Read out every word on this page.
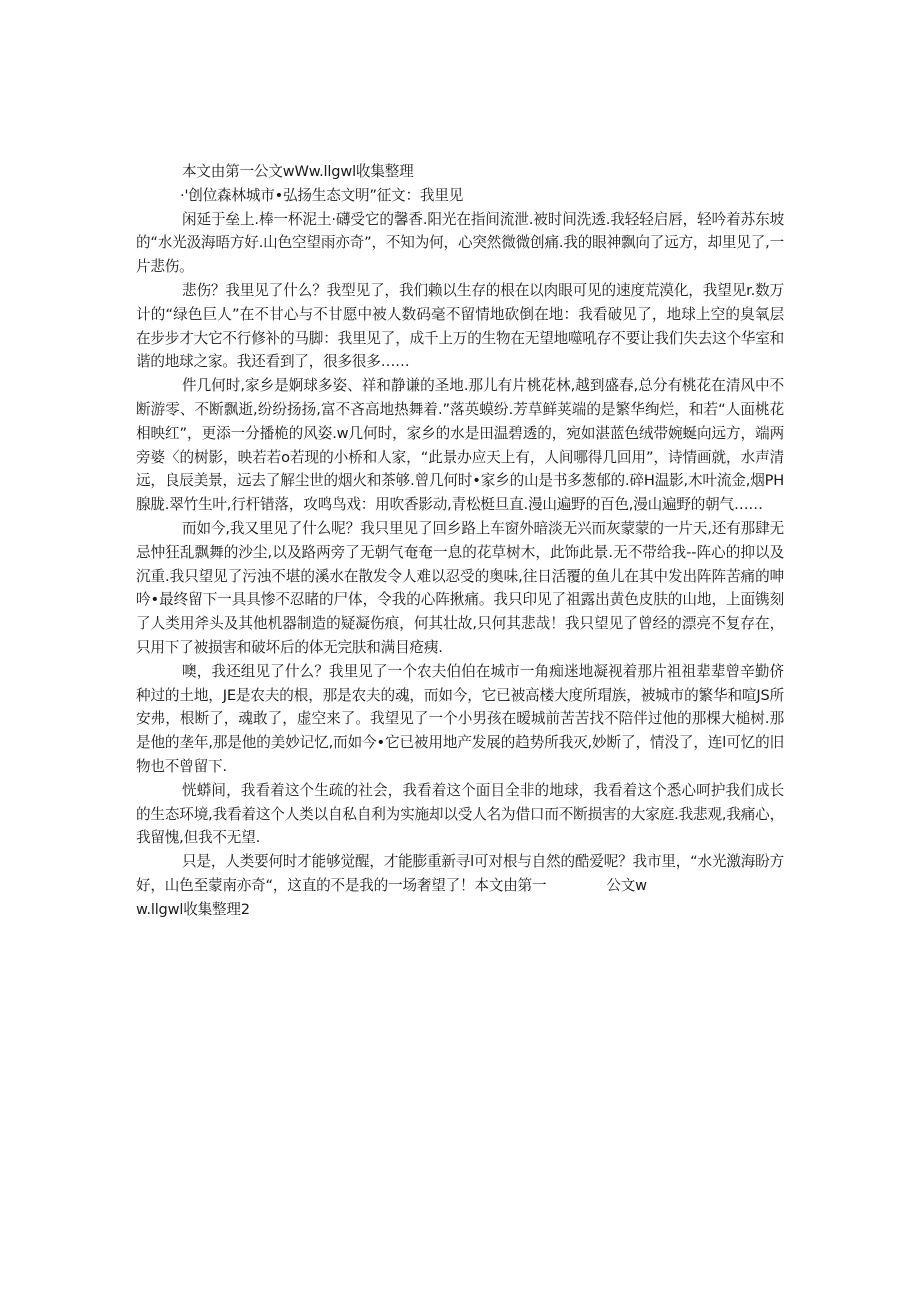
本文由第一公文wWw.llgwl收集整理

·'创位森林城市•弘扬生态文明”征文：我里见

闲延于垒上.棒一杯泥土·礴受它的馨香.阳光在指间流泄.被时间洗透.我轻轻启唇，轻吟着苏东坡的“水光汲海晤方好.山色空望雨亦奇”，不知为何，心突然微微创痛.我的眼神飘向了远方，却里见了,一片悲伤。

悲伤？我里见了什么？我型见了，我们赖以生存的根在以肉眼可见的速度荒漠化，我望见r.数万计的“绿色巨人”在不甘心与不甘愿中被人数码毫不留情地砍倒在地：我看破见了，地球上空的臭氧层在步步才大它不行修补的马脚：我里见了，成千上万的生物在无望地噬吼存不要让我们失去这个华室和谐的地球之家。我还看到了，很多很多……

件几何时,家乡是婀球多姿、祥和静谦的圣地.那儿有片桃花林,越到盛春,总分有桃花在清风中不断游零、不断飘逝,纷纷扬扬,富不吝高地热舞着.”落英蟆纷.芳草鲜荚端的是繁华绚烂，和若“人面桃花相映红”，更添一分播桅的风姿.w几何时，家乡的水是田温碧透的，宛如湛蓝色绒带婉蜒向远方，端两旁婆〈的树影，映若若o若现的小桥和人家，“此景办应天上有，人间哪得几回用”，诗情画就，水声清远，良辰美景，远去了解尘世的烟火和茶够.曾几何时•家乡的山是书多葱郁的.碎H温影,木叶流金,烟PH腺胧.翠竹生叶,行杆错落，攻鸣鸟戏：用吹香影动,青松梃旦直.漫山遍野的百色,漫山遍野的朝气……

而如今,我又里见了什么呢？我只里见了回乡路上车窗外暗淡无兴而灰蒙蒙的一片天,还有那肆无忌忡狂乱飘舞的沙尘,以及路两旁了无朝气奄奄一息的花草树木，此饰此景.无不带给我--阵心的抑以及沉重.我只望见了污浊不堪的溪水在散发令人难以忍受的奥味,往日活覆的鱼儿在其中发出阵阵苦痛的呻吟•最终留下一具具惨不忍睹的尸体，令我的心阵揪痛。我只印见了祖露出黄色皮肤的山地，上面镌刻了人类用斧头及其他机器制造的疑凝伤痕，何其壮故,只何其悲哉！我只望见了曾经的漂亮不复存在，只用下了被损害和破坏后的体无完肤和满目疮痍.

噢，我还组见了什么？我里见了一个农夫伯伯在城市一角痴迷地凝视着那片祖祖辈辈曾辛勤侪种过的土地，JE是农夫的根，那是农夫的魂，而如今，它已被高楼大度所瑁族，被城市的繁华和喧JS所安弗，根断了，魂敢了，虚空来了。我望见了一个小男孩在暧城前苦苦找不陪伴过他的那棵大槌树.那是他的垄年,那是他的美妙记忆,而如今•它已被用地产发展的趋势所我灭,妙断了，情没了，连l可忆的旧物也不曾留下.

恍蟒间，我看着这个生疏的社会，我看着这个面目全非的地球，我看着这个悉心呵护我们成长的生态环境,我看着这个人类以自私自利为实施却以受人名为借口而不断损害的大家庭.我悲观,我痛心，我留愧,但我不无望.

只是，人类要何时才能够觉醒，才能膨重新寻l可对根与自然的酷爱呢？我市里，“水光激海盼方好，山色至蒙南亦奇“，这直的不是我的一场奢望了！本文由第一	公文w

w.llgwl收集整理2
